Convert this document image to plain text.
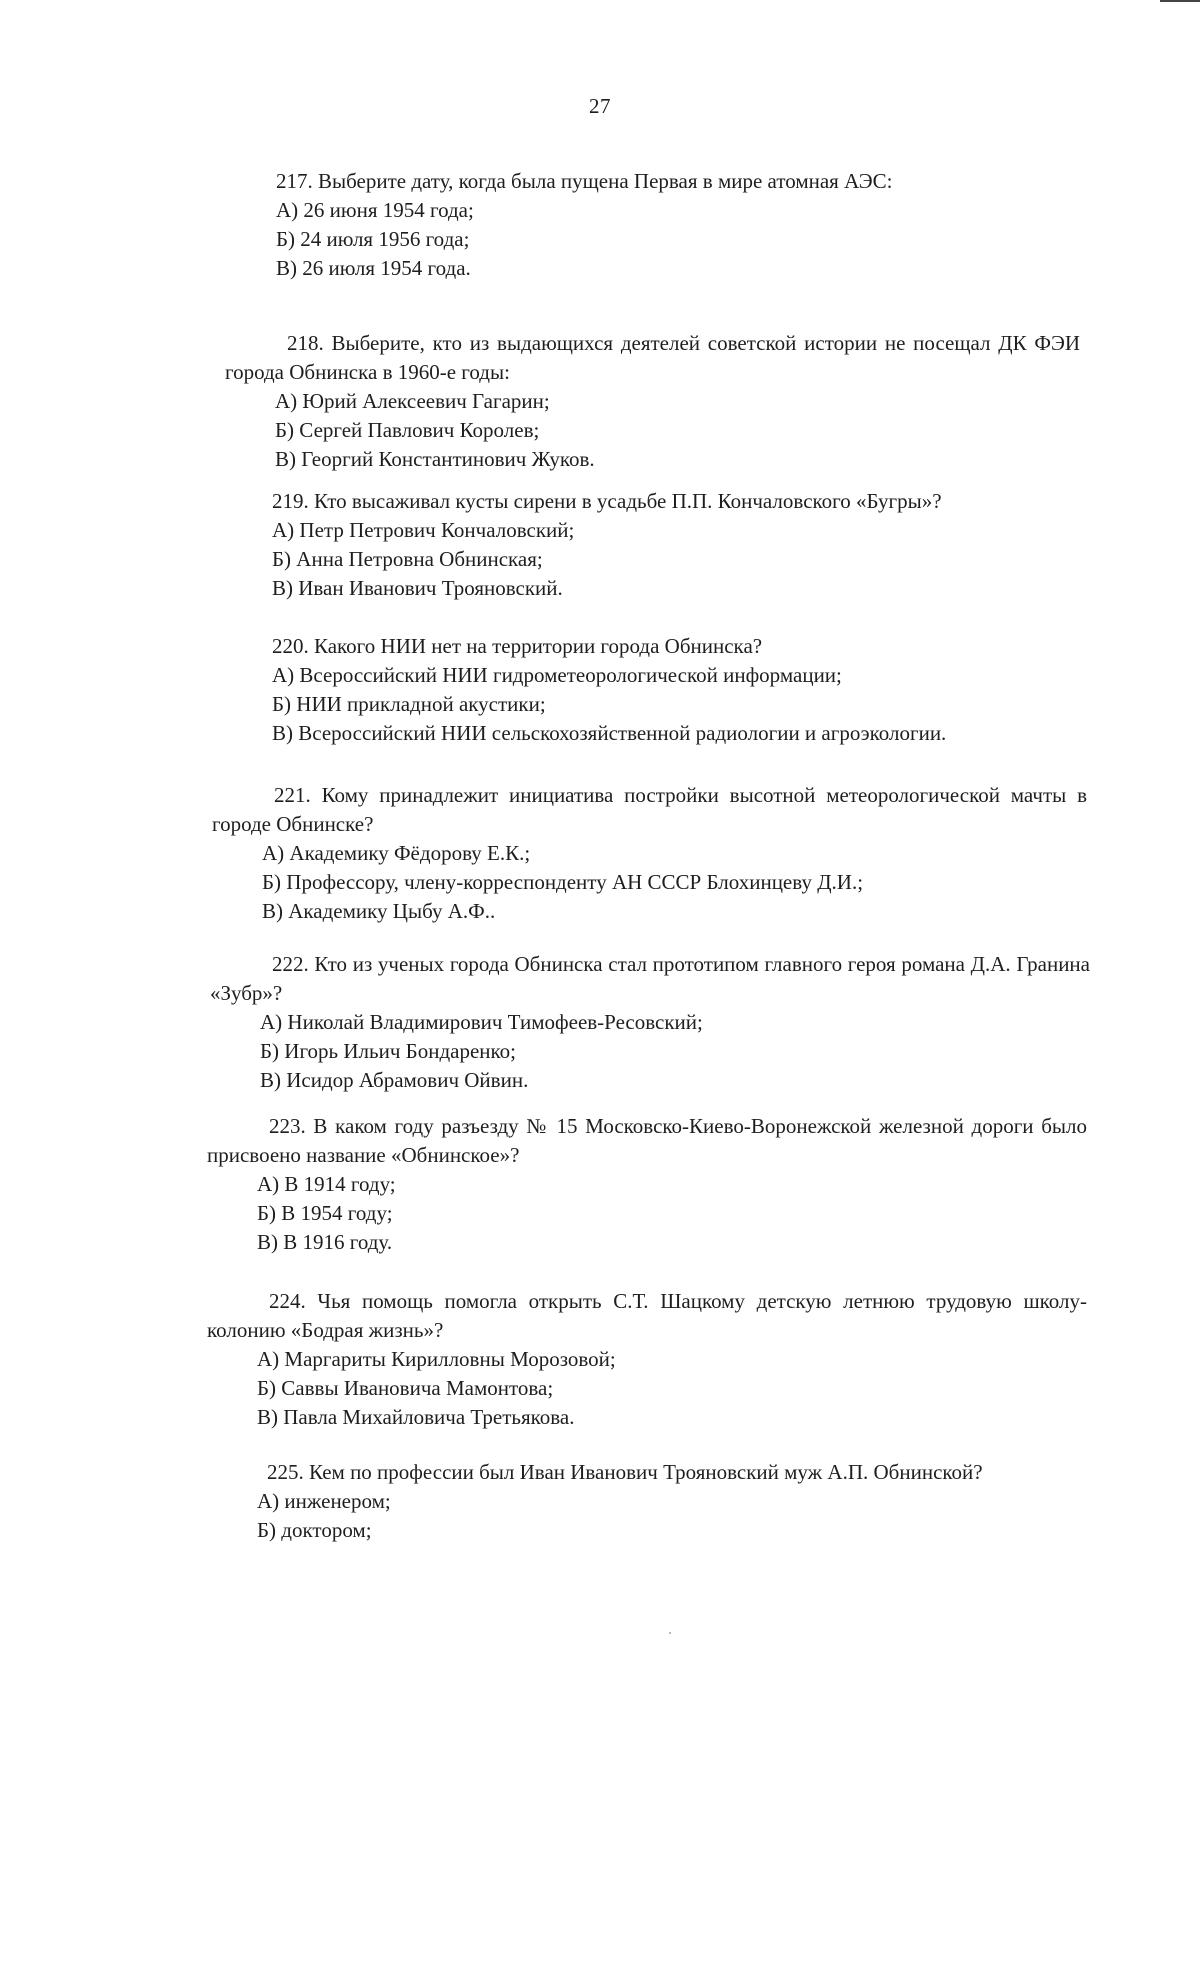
27

217. Выберите дату, когда была пущена Первая в мире атомная АЭС:

А) 26 июня 1954 года;
Б) 24 июля 1956 года;
В) 26 июля 1954 года.

218. Выберите, кто из выдающихся деятелей советской истории не посещал ДК ФЭИ города Обнинска в 1960-е годы:

А) Юрий Алексеевич Гагарин;
Б) Сергей Павлович Королев;
В) Георгий Константинович Жуков.

219. Кто высаживал кусты сирени в усадьбе П.П. Кончаловского «Бугры»?

А) Петр Петрович Кончаловский;
Б) Анна Петровна Обнинская;
В) Иван Иванович Трояновский.

220. Какого НИИ нет на территории города Обнинска?

А) Всероссийский НИИ гидрометеорологической информации;
Б) НИИ прикладной акустики;
В) Всероссийский НИИ сельскохозяйственной радиологии и агроэкологии.

221. Кому принадлежит инициатива постройки высотной метеорологической мачты в городе Обнинске?

А) Академику Фёдорову Е.К.;
Б) Профессору, члену-корреспонденту АН СССР Блохинцеву Д.И.;
В) Академику Цыбу А.Ф..

222. Кто из ученых города Обнинска стал прототипом главного героя романа Д.А. Гранина «Зубр»?

А) Николай Владимирович Тимофеев-Ресовский;
Б) Игорь Ильич Бондаренко;
В) Исидор Абрамович Ойвин.

223. В каком году разъезду № 15 Московско-Киево-Воронежской железной дороги было присвоено название «Обнинское»?

А) В 1914 году;
Б) В 1954 году;
В) В 1916 году.

224. Чья помощь помогла открыть С.Т. Шацкому детскую летнюю трудовую школу-колонию «Бодрая жизнь»?

А) Маргариты Кирилловны Морозовой;
Б) Саввы Ивановича Мамонтова;
В) Павла Михайловича Третьякова.

225. Кем по профессии был Иван Иванович Трояновский муж А.П. Обнинской?

А) инженером;
Б) доктором;
